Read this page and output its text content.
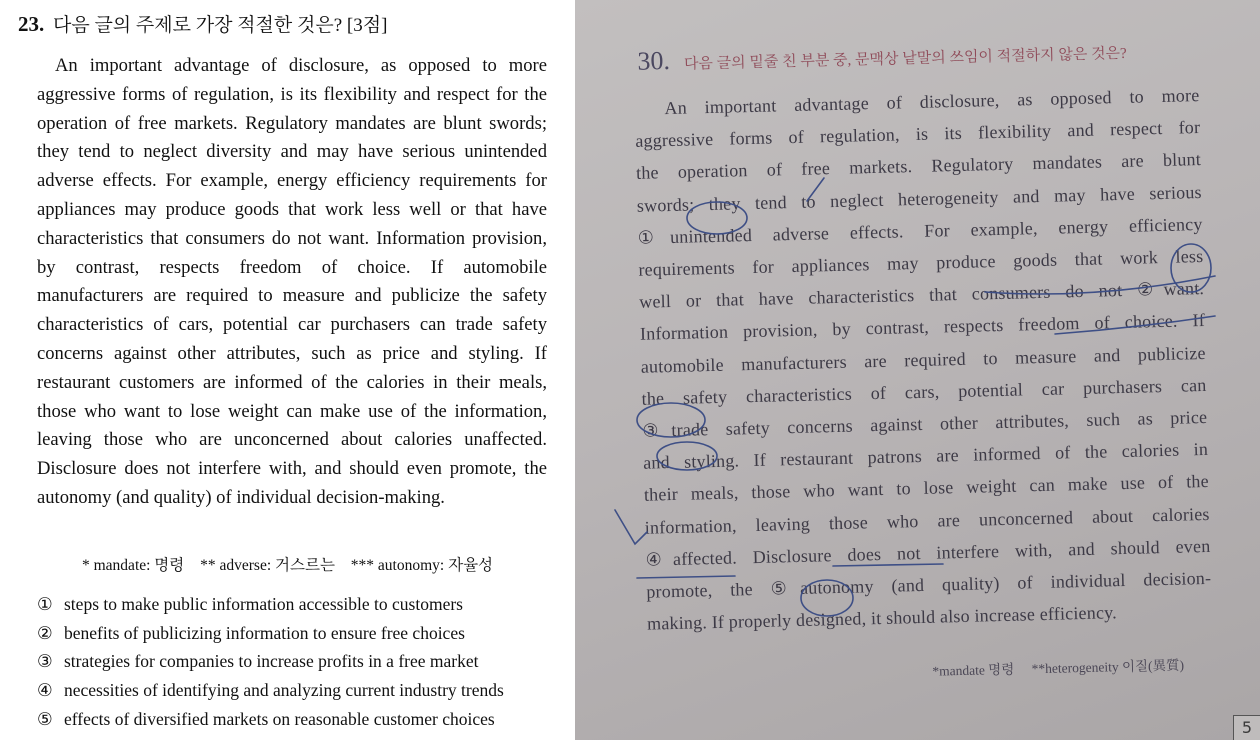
23. 다음 글의 주제로 가장 적절한 것은? [3점]

An important advantage of disclosure, as opposed to more aggressive forms of regulation, is its flexibility and respect for the operation of free markets. Regulatory mandates are blunt swords; they tend to neglect diversity and may have serious unintended adverse effects. For example, energy efficiency requirements for appliances may produce goods that work less well or that have characteristics that consumers do not want. Information provision, by contrast, respects freedom of choice. If automobile manufacturers are required to measure and publicize the safety characteristics of cars, potential car purchasers can trade safety concerns against other attributes, such as price and styling. If restaurant customers are informed of the calories in their meals, those who want to lose weight can make use of the information, leaving those who are unconcerned about calories unaffected. Disclosure does not interfere with, and should even promote, the autonomy (and quality) of individual decision-making.

* mandate: 명령 ** adverse: 거스르는 *** autonomy: 자율성
① steps to make public information accessible to customers
② benefits of publicizing information to ensure free choices
③ strategies for companies to increase profits in a free market
④ necessities of identifying and analyzing current industry trends
⑤ effects of diversified markets on reasonable customer choices
30. 다음 글의 밑줄 친 부분 중, 문맥상 낱말의 쓰임이 적절하지 않은 것은?
An important advantage of disclosure, as opposed to more
aggressive forms of regulation, is its flexibility and respect for
the operation of free markets. Regulatory mandates are blunt
swords; they tend to neglect heterogeneity and may have serious
①unintended adverse effects. For example, energy efficiency
requirements for appliances may produce goods that work less
well or that have characteristics that consumers do not ②want.
Information provision, by contrast, respects freedom of choice. If
automobile manufacturers are required to measure and publicize
the safety characteristics of cars, potential car purchasers can
③trade safety concerns against other attributes, such as price
and styling. If restaurant patrons are informed of the calories in
their meals, those who want to lose weight can make use of the
information, leaving those who are unconcerned about calories
④affected. Disclosure does not interfere with, and should even
promote, the ⑤autonomy (and quality) of individual decision-
making. If properly designed, it should also increase efficiency.
*mandate 명령 **heterogeneity 이질(異質)
5
